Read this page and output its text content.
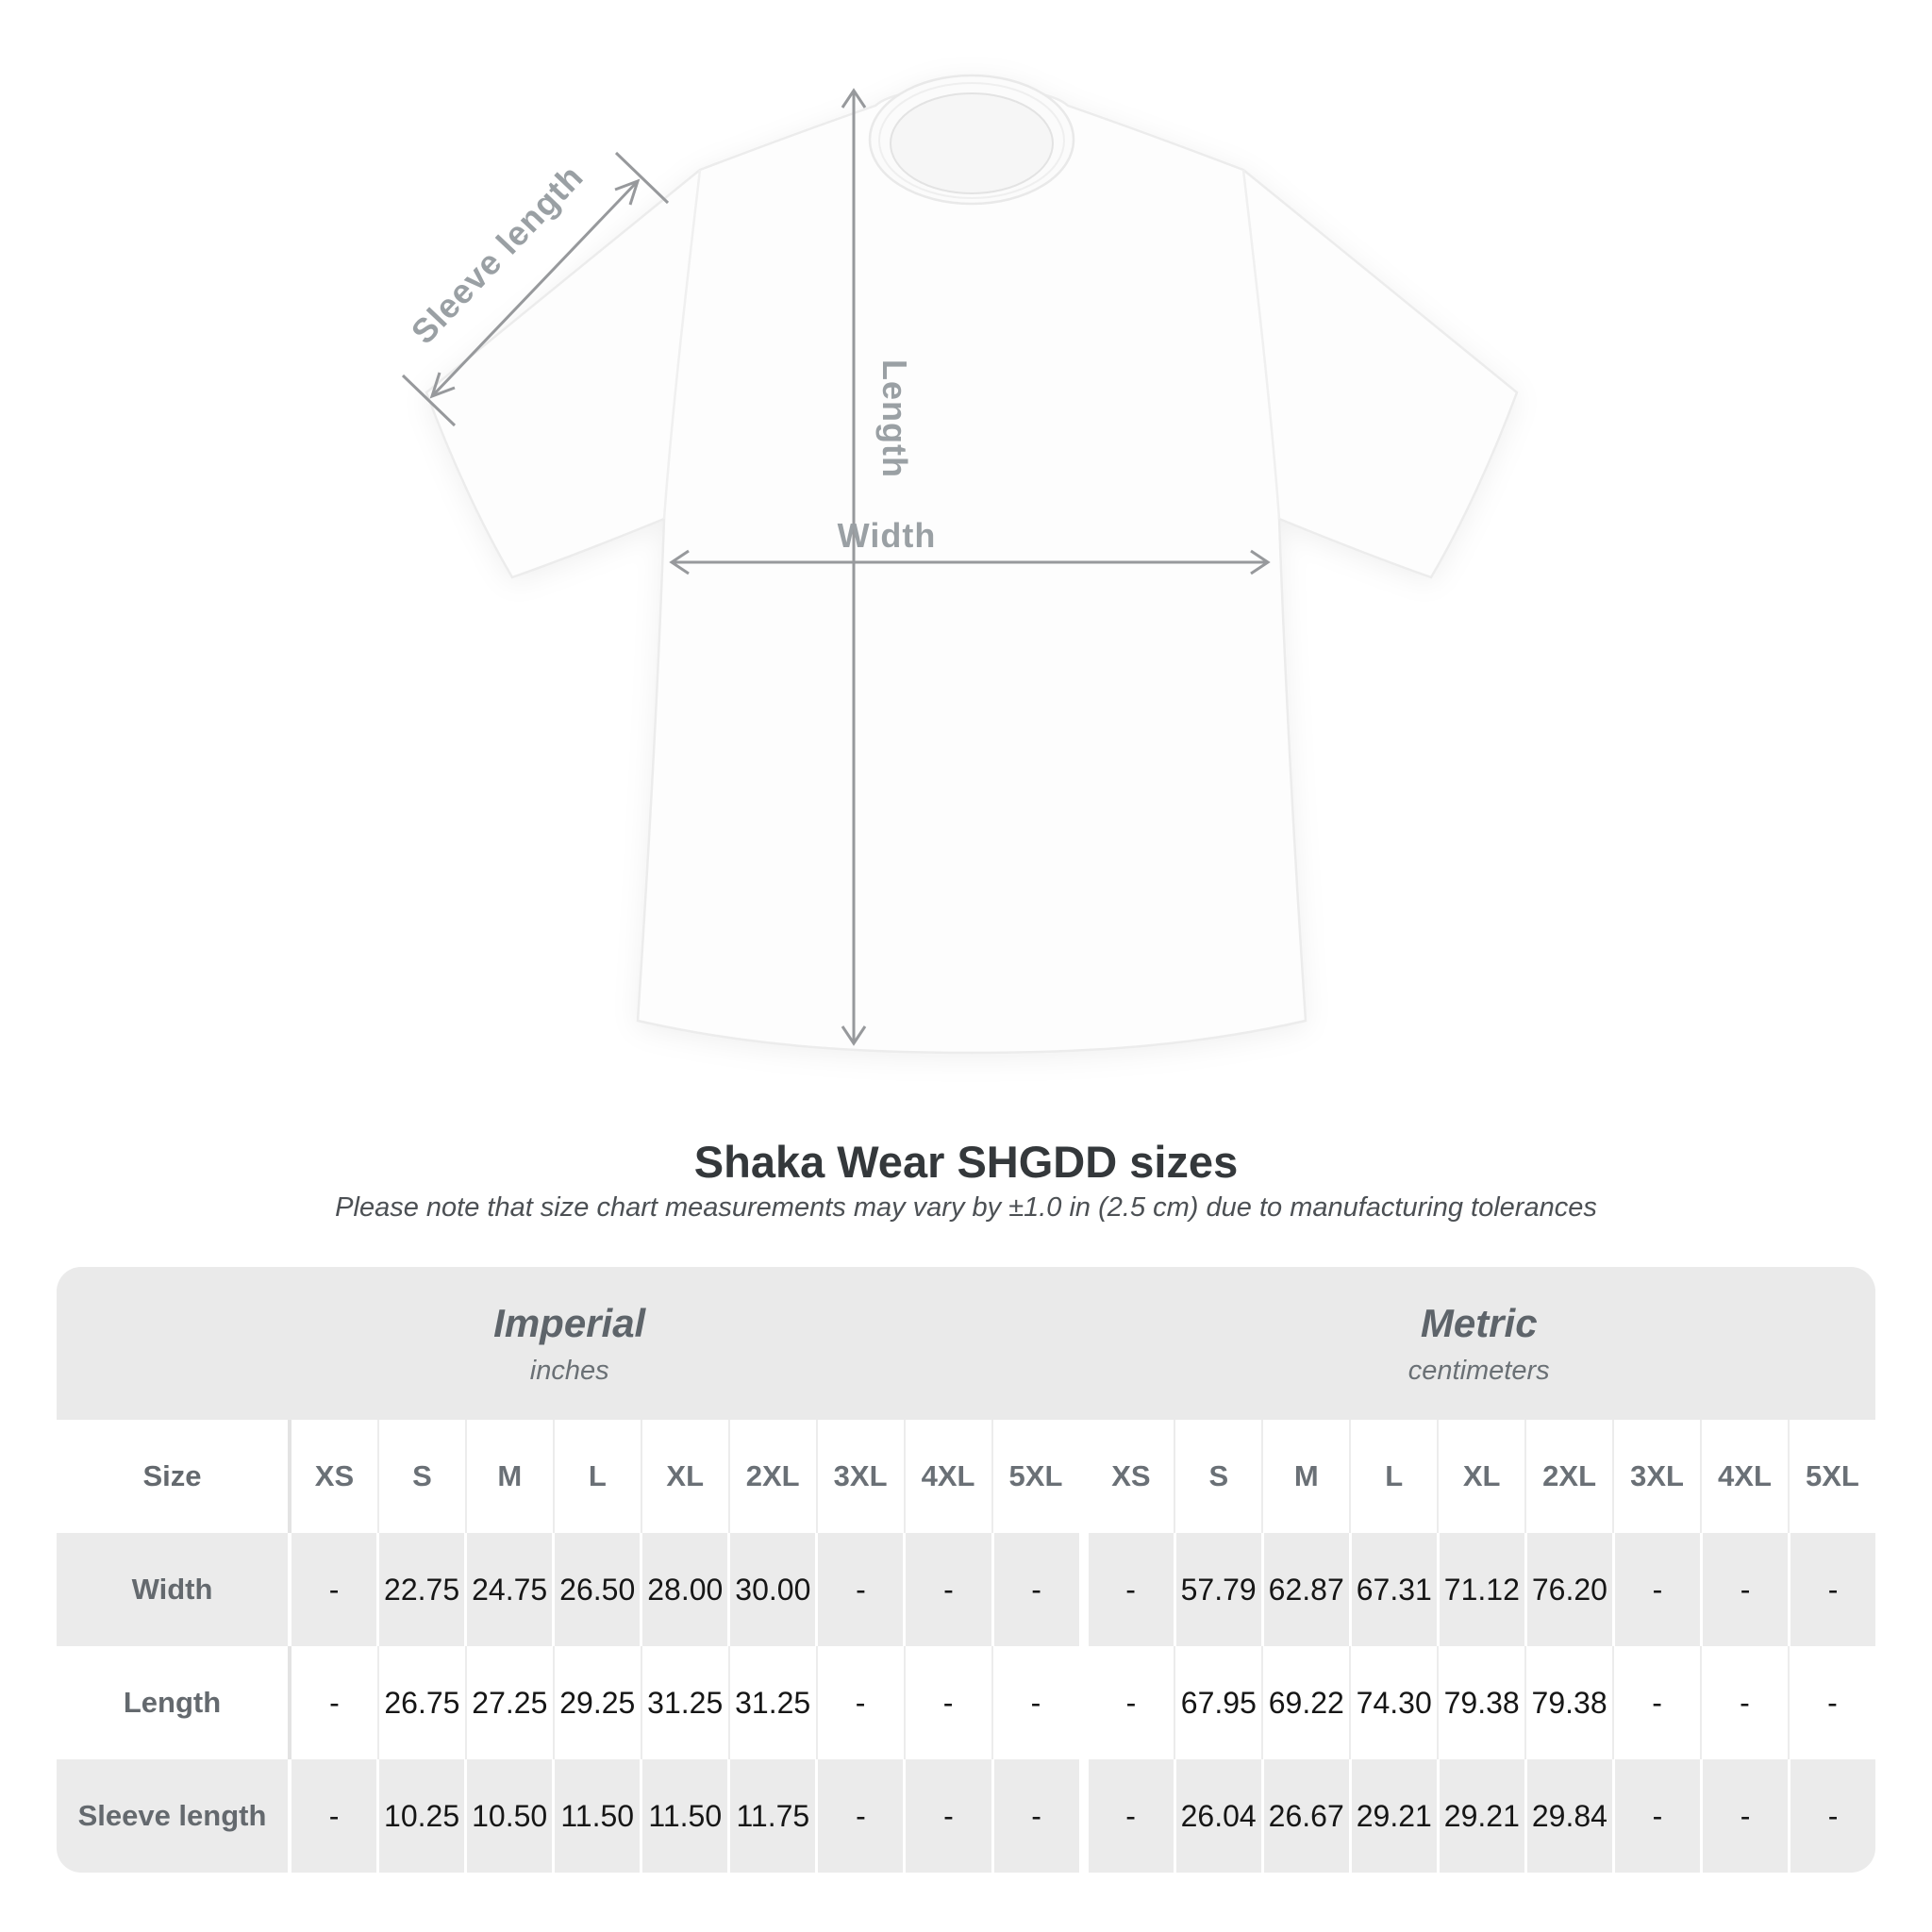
Length
Width
Sleeve length
Shaka Wear SHGDD sizes
Please note that size chart measurements may vary by ±1.0 in (2.5 cm) due to manufacturing tolerances
Imperial
inches
Metric
centimeters
Size	XS	S	M	L	XL	2XL	3XL	4XL	5XL	XS	S	M	L	XL	2XL	3XL	4XL	5XL
Width	-	22.75 24.75 26.50 28.00 30.00	-	-	-	-	57.79 62.87 67.31 71.12 76.20	-	-	-
Length	-	26.75 27.25 29.25 31.25 31.25	-	-	-	-	67.95 69.22 74.30 79.38 79.38	-	-	-
Sleeve length	-	10.25 10.50 11.50 11.50 11.75	-	-	-	-	26.04 26.67 29.21 29.21 29.84	-	-	-
